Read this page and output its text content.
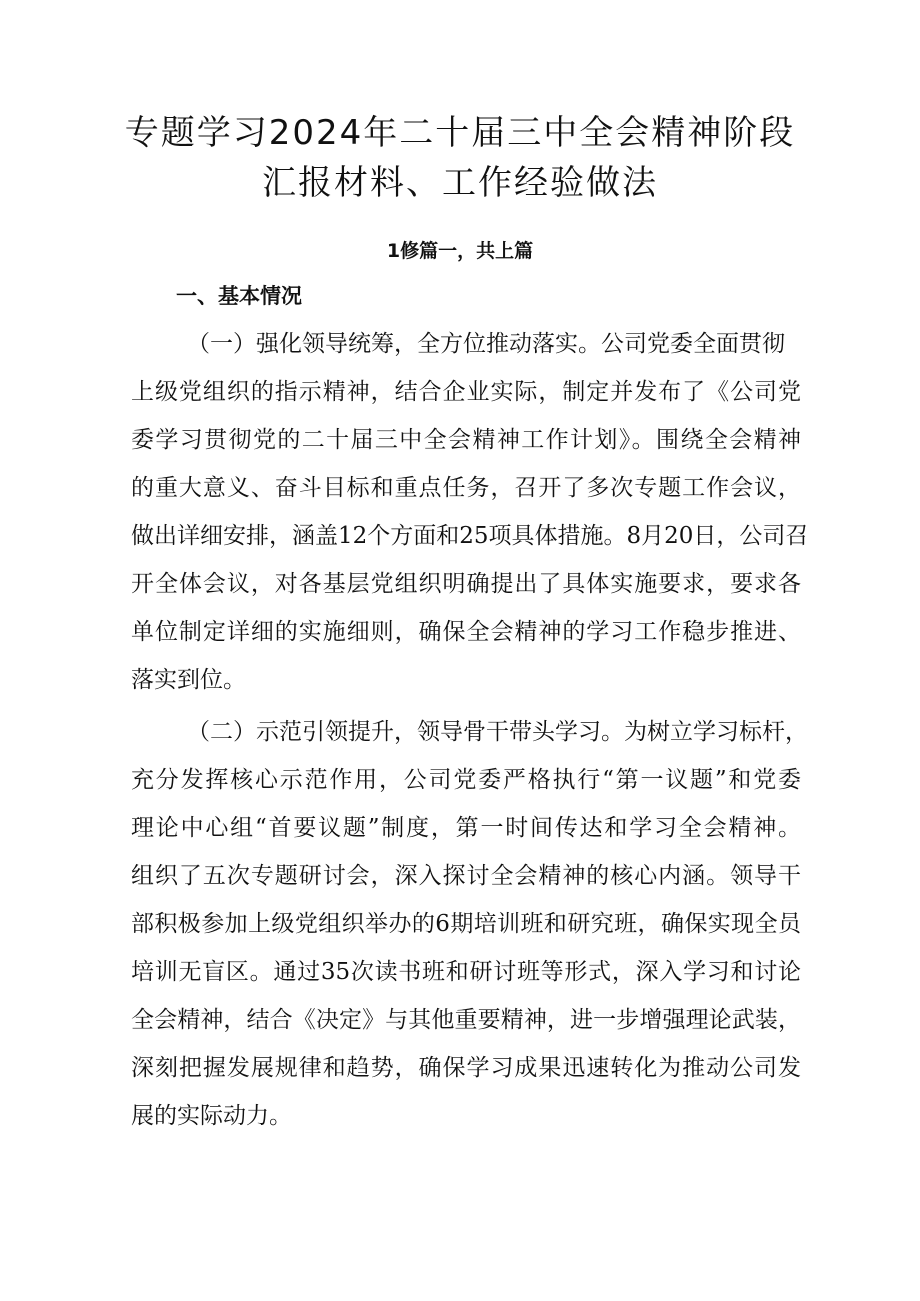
专题学习2024年二十届三中全会精神阶段
汇报材料、工作经验做法
1修篇一，共上篇
一、基本情况
（一）强化领导统筹，全方位推动落实。公司党委全面贯彻
上级党组织的指示精神，结合企业实际，制定并发布了《公司党
委学习贯彻党的二十届三中全会精神工作计划》。围绕全会精神
的重大意义、奋斗目标和重点任务，召开了多次专题工作会议，
做出详细安排，涵盖12个方面和25项具体措施。8月20日，公司召
开全体会议，对各基层党组织明确提出了具体实施要求，要求各
单位制定详细的实施细则，确保全会精神的学习工作稳步推进、
落实到位。
（二）示范引领提升，领导骨干带头学习。为树立学习标杆，
充分发挥核心示范作用，公司党委严格执行“第一议题”和党委
理论中心组“首要议题”制度，第一时间传达和学习全会精神。
组织了五次专题研讨会，深入探讨全会精神的核心内涵。领导干
部积极参加上级党组织举办的6期培训班和研究班，确保实现全员
培训无盲区。通过35次读书班和研讨班等形式，深入学习和讨论
全会精神，结合《决定》与其他重要精神，进一步增强理论武装，
深刻把握发展规律和趋势，确保学习成果迅速转化为推动公司发
展的实际动力。
